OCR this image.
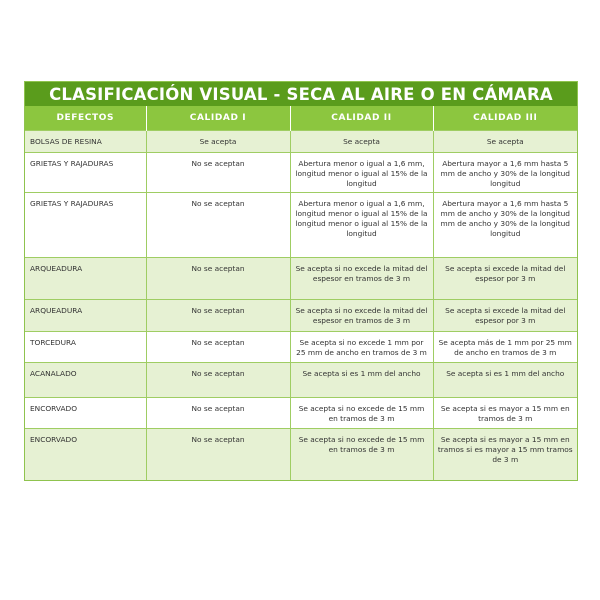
CLASIFICACIÓN VISUAL - SECA AL AIRE O EN CÁMARA
DEFECTOS	CALIDAD I	CALIDAD II	CALIDAD III
BOLSAS DE RESINA	Se acepta	Se acepta	Se acepta
GRIETAS Y RAJADURAS	No se aceptan	Abertura menor o igual a 1,6 mm, longitud menor o igual al 15% de la longitud	Abertura mayor a 1,6 mm hasta 5 mm de ancho y 30% de la longitud longitud
GRIETAS Y RAJADURAS	No se aceptan	Abertura menor o igual a 1,6 mm, longitud menor o igual al 15% de la longitud menor o igual al 15% de la longitud	Abertura mayor a 1,6 mm hasta 5 mm de ancho y 30% de la longitud mm de ancho y 30% de la longitud longitud
ARQUEADURA	No se aceptan	Se acepta si no excede la mitad del espesor en tramos de 3 m	Se acepta si excede la mitad del espesor por 3 m
ARQUEADURA	No se aceptan	Se acepta si no excede la mitad del espesor en tramos de 3 m	Se acepta si excede la mitad del espesor por 3 m
TORCEDURA	No se aceptan	Se acepta si no excede 1 mm por 25 mm de ancho en tramos de 3 m	Se acepta más de 1 mm por 25 mm de ancho en tramos de 3 m
ACANALADO	No se aceptan	Se acepta si es 1 mm del ancho	Se acepta si es 1 mm del ancho
ENCORVADO	No se aceptan	Se acepta si no excede de 15 mm en tramos de 3 m	Se acepta si es mayor a 15 mm en tramos de 3 m
ENCORVADO	No se aceptan	Se acepta si no excede de 15 mm en tramos de 3 m	Se acepta si es mayor a 15 mm en tramos si es mayor a 15 mm tramos de 3 m
